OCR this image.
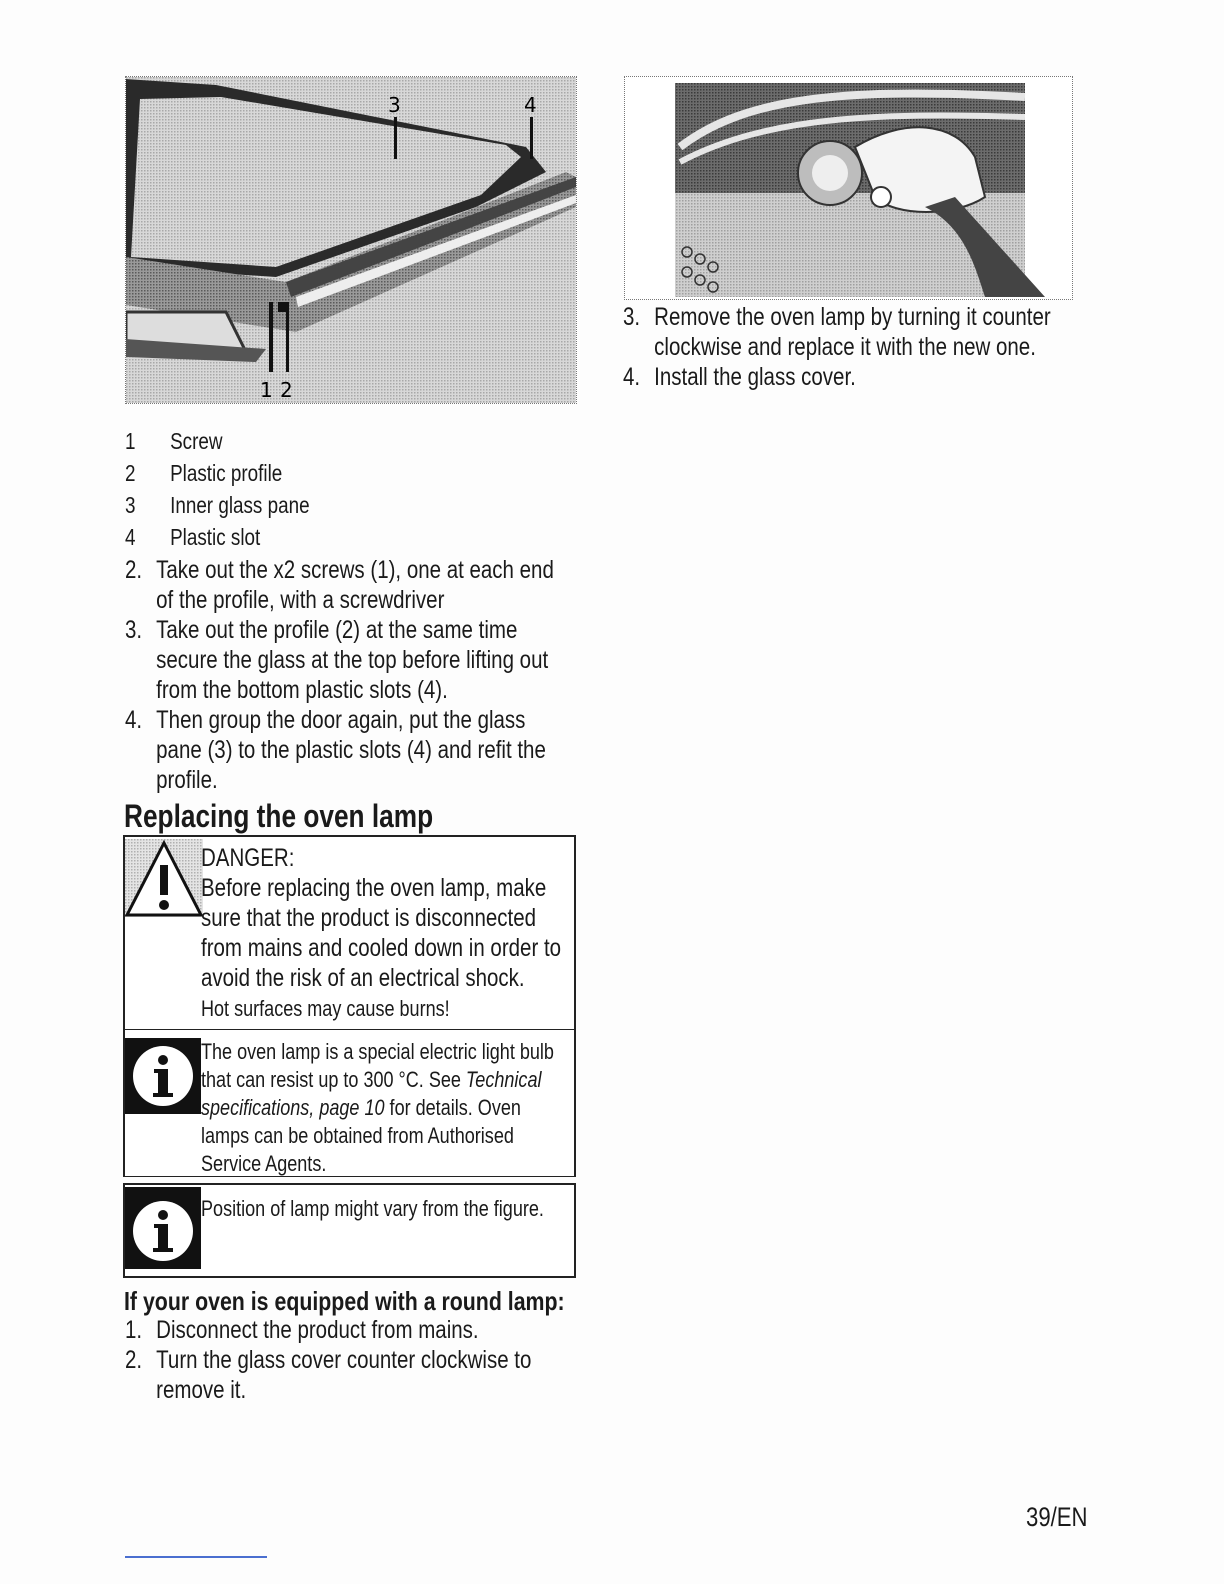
3	4
1 2
1 Screw
2 Plastic profile
3 Inner glass pane
4 Plastic slot
2. Take out the x2 screws (1), one at each end
of the profile, with a screwdriver
3. Take out the profile (2) at the same time
secure the glass at the top before lifting out
from the bottom plastic slots (4).
4. Then group the door again, put the glass
pane (3) to the plastic slots (4) and refit the
profile.
Replacing the oven lamp
DANGER:
Before replacing the oven lamp, make
sure that the product is disconnected
from mains and cooled down in order to
avoid the risk of an electrical shock.
Hot surfaces may cause burns!
The oven lamp is a special electric light bulb
that can resist up to 300 °C. See Technical
specifications, page 10 for details. Oven
lamps can be obtained from Authorised
Service Agents.
Position of lamp might vary from the figure.
If your oven is equipped with a round lamp:
1. Disconnect the product from mains.
2. Turn the glass cover counter clockwise to
remove it.
3. Remove the oven lamp by turning it counter
clockwise and replace it with the new one.
4. Install the glass cover.
39/EN
